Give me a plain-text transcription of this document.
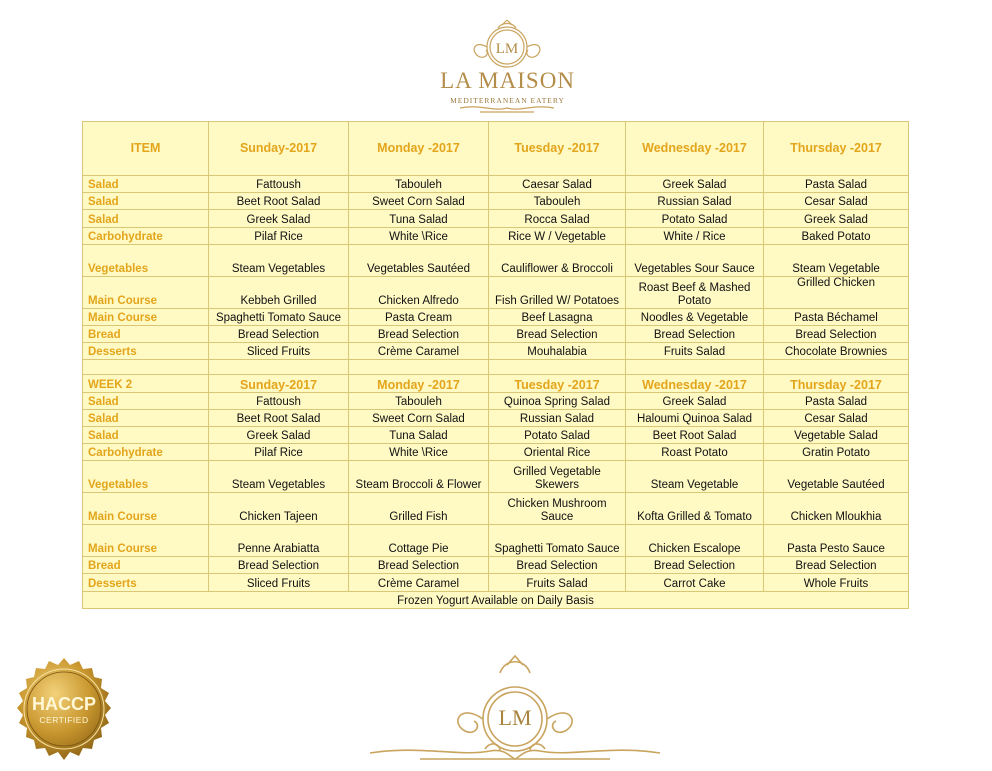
LM
LA MAISON
MEDITERRANEAN EATERY
ITEM	Sunday-2017	Monday -2017	Tuesday -2017	Wednesday -2017	Thursday -2017
Salad	Fattoush	Tabouleh	Caesar Salad	Greek Salad	Pasta Salad
Salad	Beet Root Salad	Sweet Corn Salad	Tabouleh	Russian Salad	Cesar Salad
Salad	Greek Salad	Tuna Salad	Rocca Salad	Potato Salad	Greek Salad
Carbohydrate	Pilaf Rice	White \Rice	Rice W / Vegetable	White / Rice	Baked Potato
Vegetables	Steam Vegetables	Vegetables Sautéed	Cauliflower & Broccoli	Vegetables Sour Sauce	Steam Vegetable
Main Course	Kebbeh Grilled	Chicken Alfredo	Fish Grilled W/ Potatoes	Roast Beef & Mashed Potato	Grilled Chicken
Main Course	Spaghetti Tomato Sauce	Pasta Cream	Beef Lasagna	Noodles & Vegetable	Pasta Béchamel
Bread	Bread Selection	Bread Selection	Bread Selection	Bread Selection	Bread Selection
Desserts	Sliced Fruits	Crème Caramel	Mouhalabia	Fruits Salad	Chocolate Brownies

WEEK 2	Sunday-2017	Monday -2017	Tuesday -2017	Wednesday -2017	Thursday -2017
Salad	Fattoush	Tabouleh	Quinoa Spring Salad	Greek Salad	Pasta Salad
Salad	Beet Root Salad	Sweet Corn Salad	Russian Salad	Haloumi Quinoa Salad	Cesar Salad
Salad	Greek Salad	Tuna Salad	Potato Salad	Beet Root Salad	Vegetable Salad
Carbohydrate	Pilaf Rice	White \Rice	Oriental Rice	Roast Potato	Gratin Potato
Vegetables	Steam Vegetables	Steam Broccoli & Flower	Grilled Vegetable Skewers	Steam Vegetable	Vegetable Sautéed
Main Course	Chicken Tajeen	Grilled Fish	Chicken Mushroom Sauce	Kofta Grilled & Tomato	Chicken Mloukhia
Main Course	Penne Arabiatta	Cottage Pie	Spaghetti Tomato Sauce	Chicken Escalope	Pasta Pesto Sauce
Bread	Bread Selection	Bread Selection	Bread Selection	Bread Selection	Bread Selection
Desserts	Sliced Fruits	Crème Caramel	Fruits Salad	Carrot Cake	Whole Fruits
Frozen Yogurt Available on Daily Basis					
HACCP
CERTIFIED	LM
